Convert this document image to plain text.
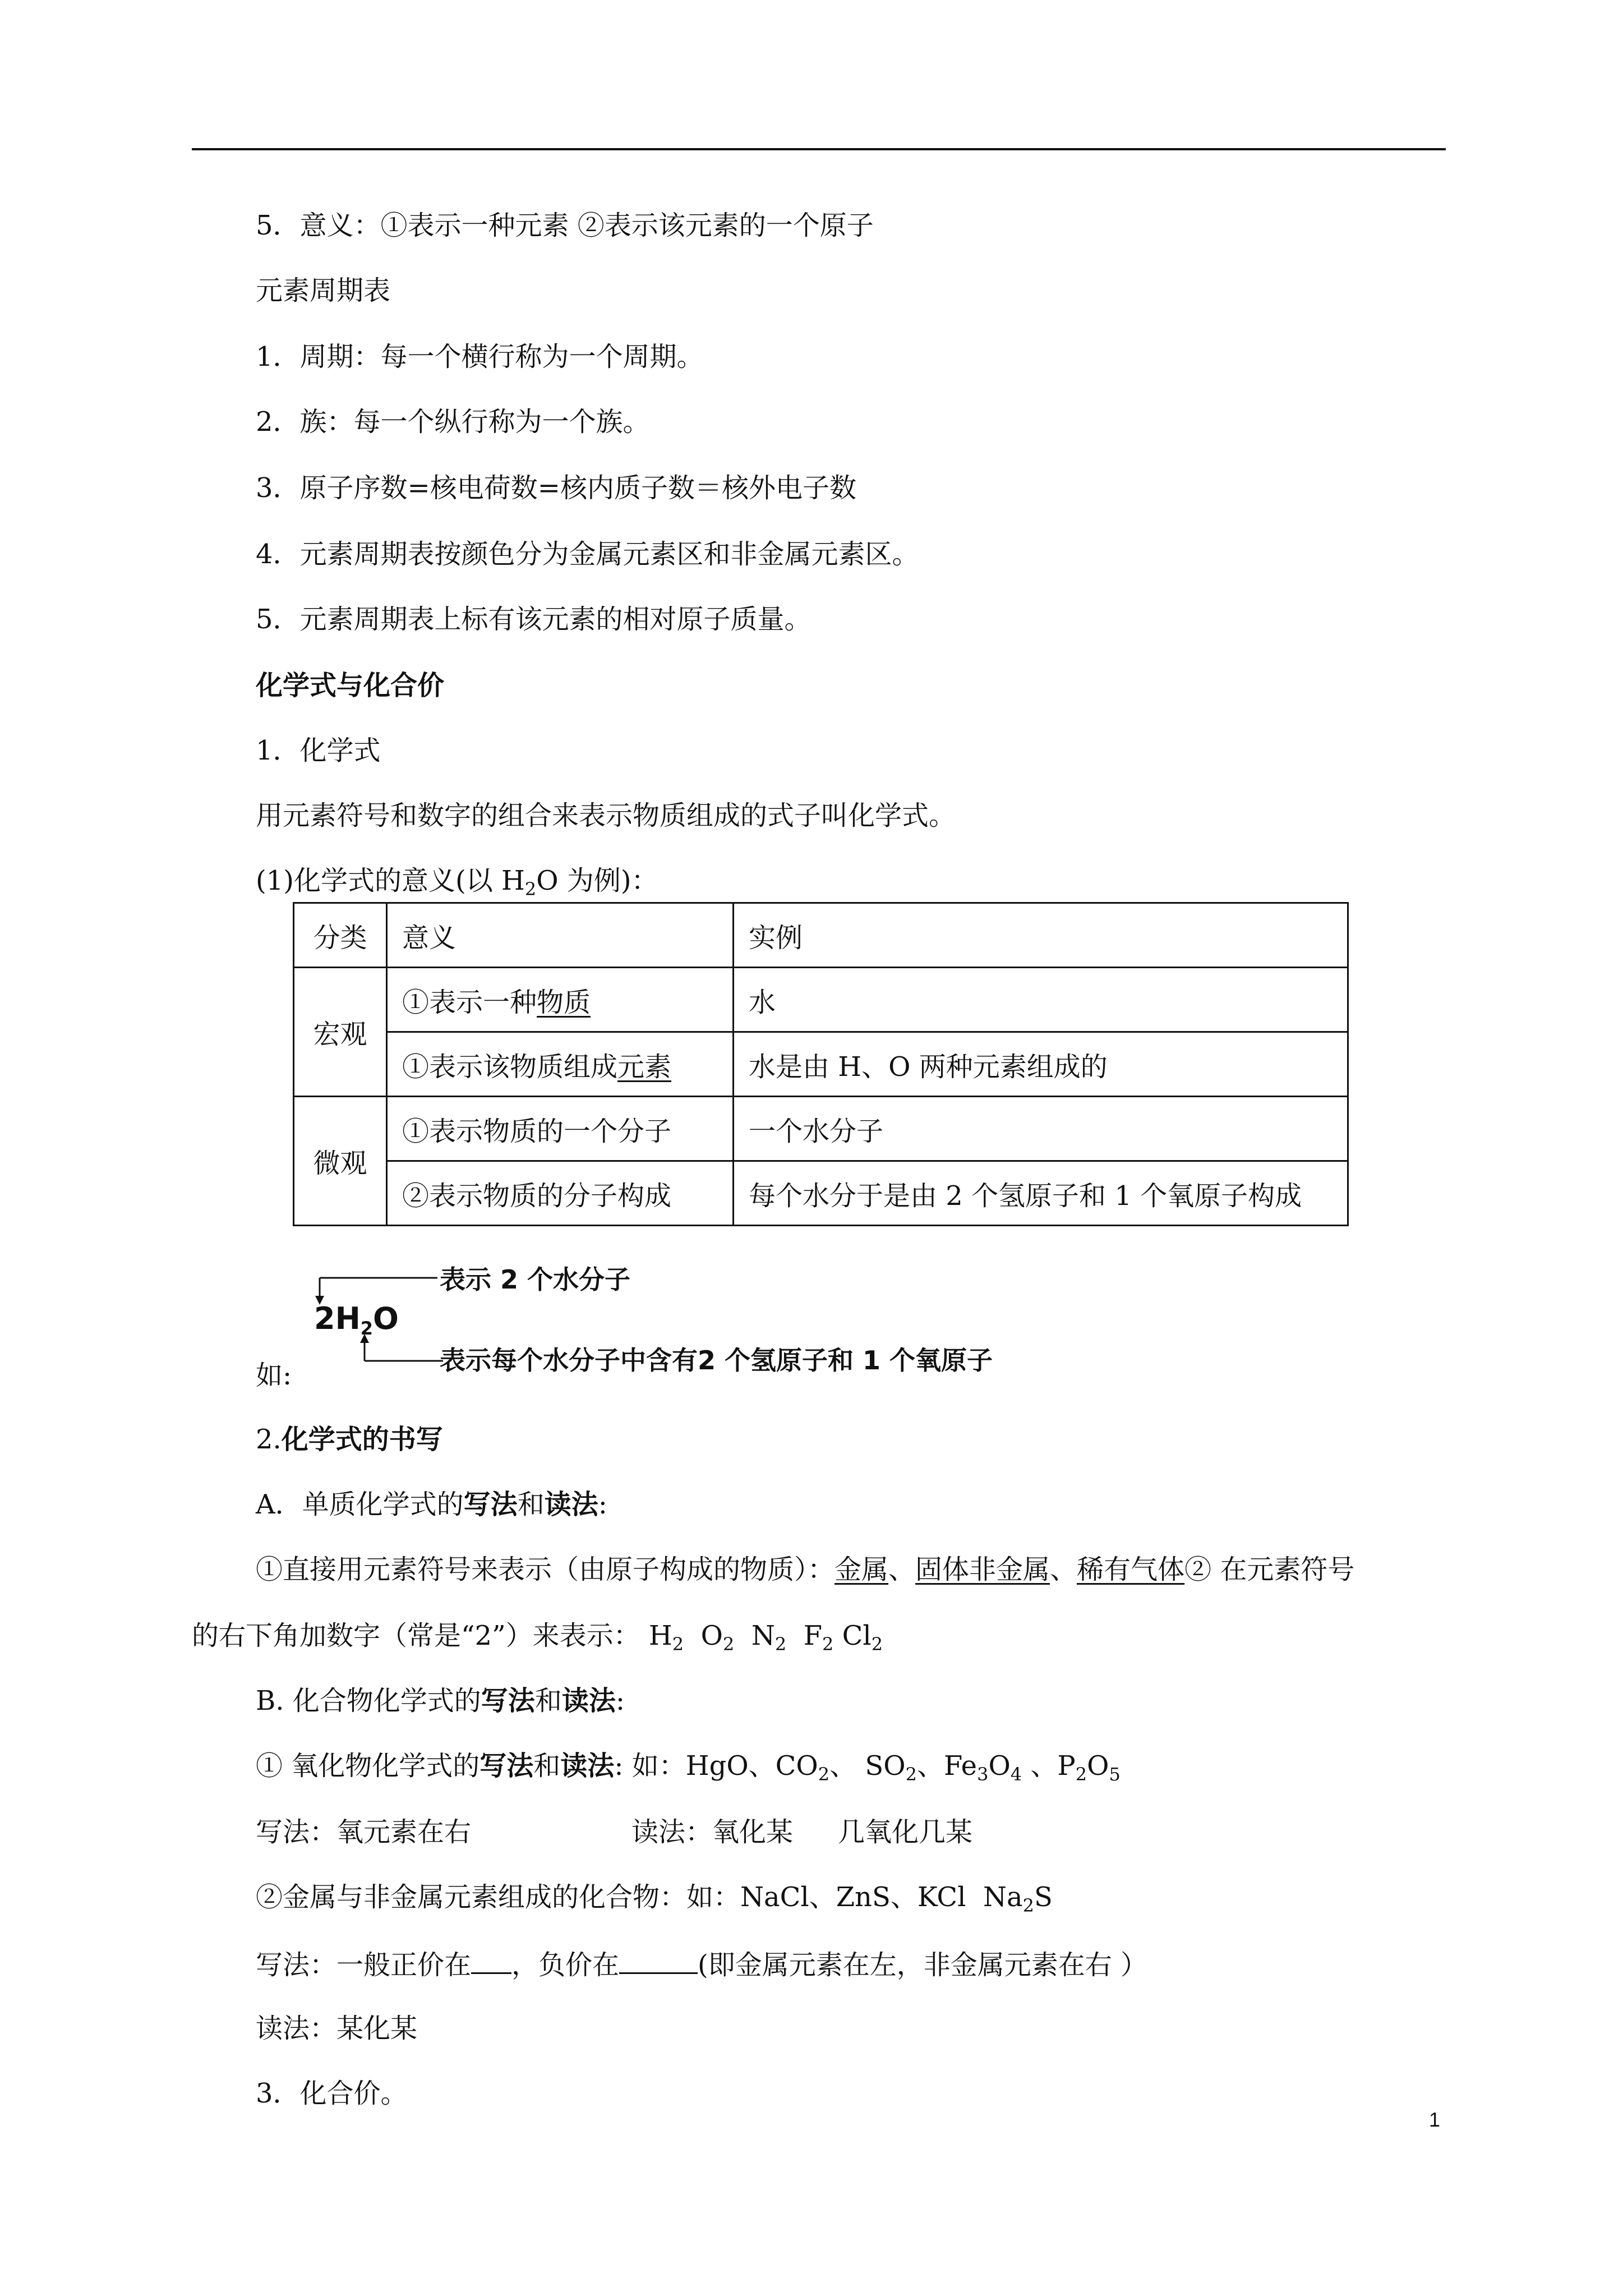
5．意义：①表示一种元素 ②表示该元素的一个原子
元素周期表
1．周期：每一个横行称为一个周期。
2．族：每一个纵行称为一个族。
3．原子序数=核电荷数=核内质子数＝核外电子数
4．元素周期表按颜色分为金属元素区和非金属元素区。
5．元素周期表上标有该元素的相对原子质量。
化学式与化合价
1．化学式
用元素符号和数字的组合来表示物质组成的式子叫化学式。
(1)化学式的意义(以 $H_2O$ 为例)：
分类	意义	实例
宏观	①表示一种物质	水
	①表示该物质组成元素	水是由 H、O 两种元素组成的
微观	①表示物质的一个分子	一个水分子
	②表示物质的分子构成	每个水分于是由 2 个氢原子和 1 个氧原子构成
表示 2 个水分子
$2H_2O$
表示每个水分子中含有2 个氢原子和 1 个氧原子
如:
2.化学式的书写
A．单质化学式的写法和读法:
①直接用元素符号来表示（由原子构成的物质）：金属、固体非金属、稀有气体② 在元素符号
的右下角加数字（常是“2”）来表示： $H_2$  $O_2$  $N_2$  $F_2$ $Cl_2$
B. 化合物化学式的写法和读法:
① 氧化物化学式的写法和读法: 如：HgO、$CO_2$、 $SO_2$、$Fe_3O_4$ 、$P_2O_5$
写法：氧元素在右	读法：氧化某 几氧化几某
②金属与非金属元素组成的化合物：如：NaCl、ZnS、KCl  $Na_2S$
写法：一般正价在 ，负价在	(即金属元素在左，非金属元素在右 ）
读法：某化某
3．化合价。
1
